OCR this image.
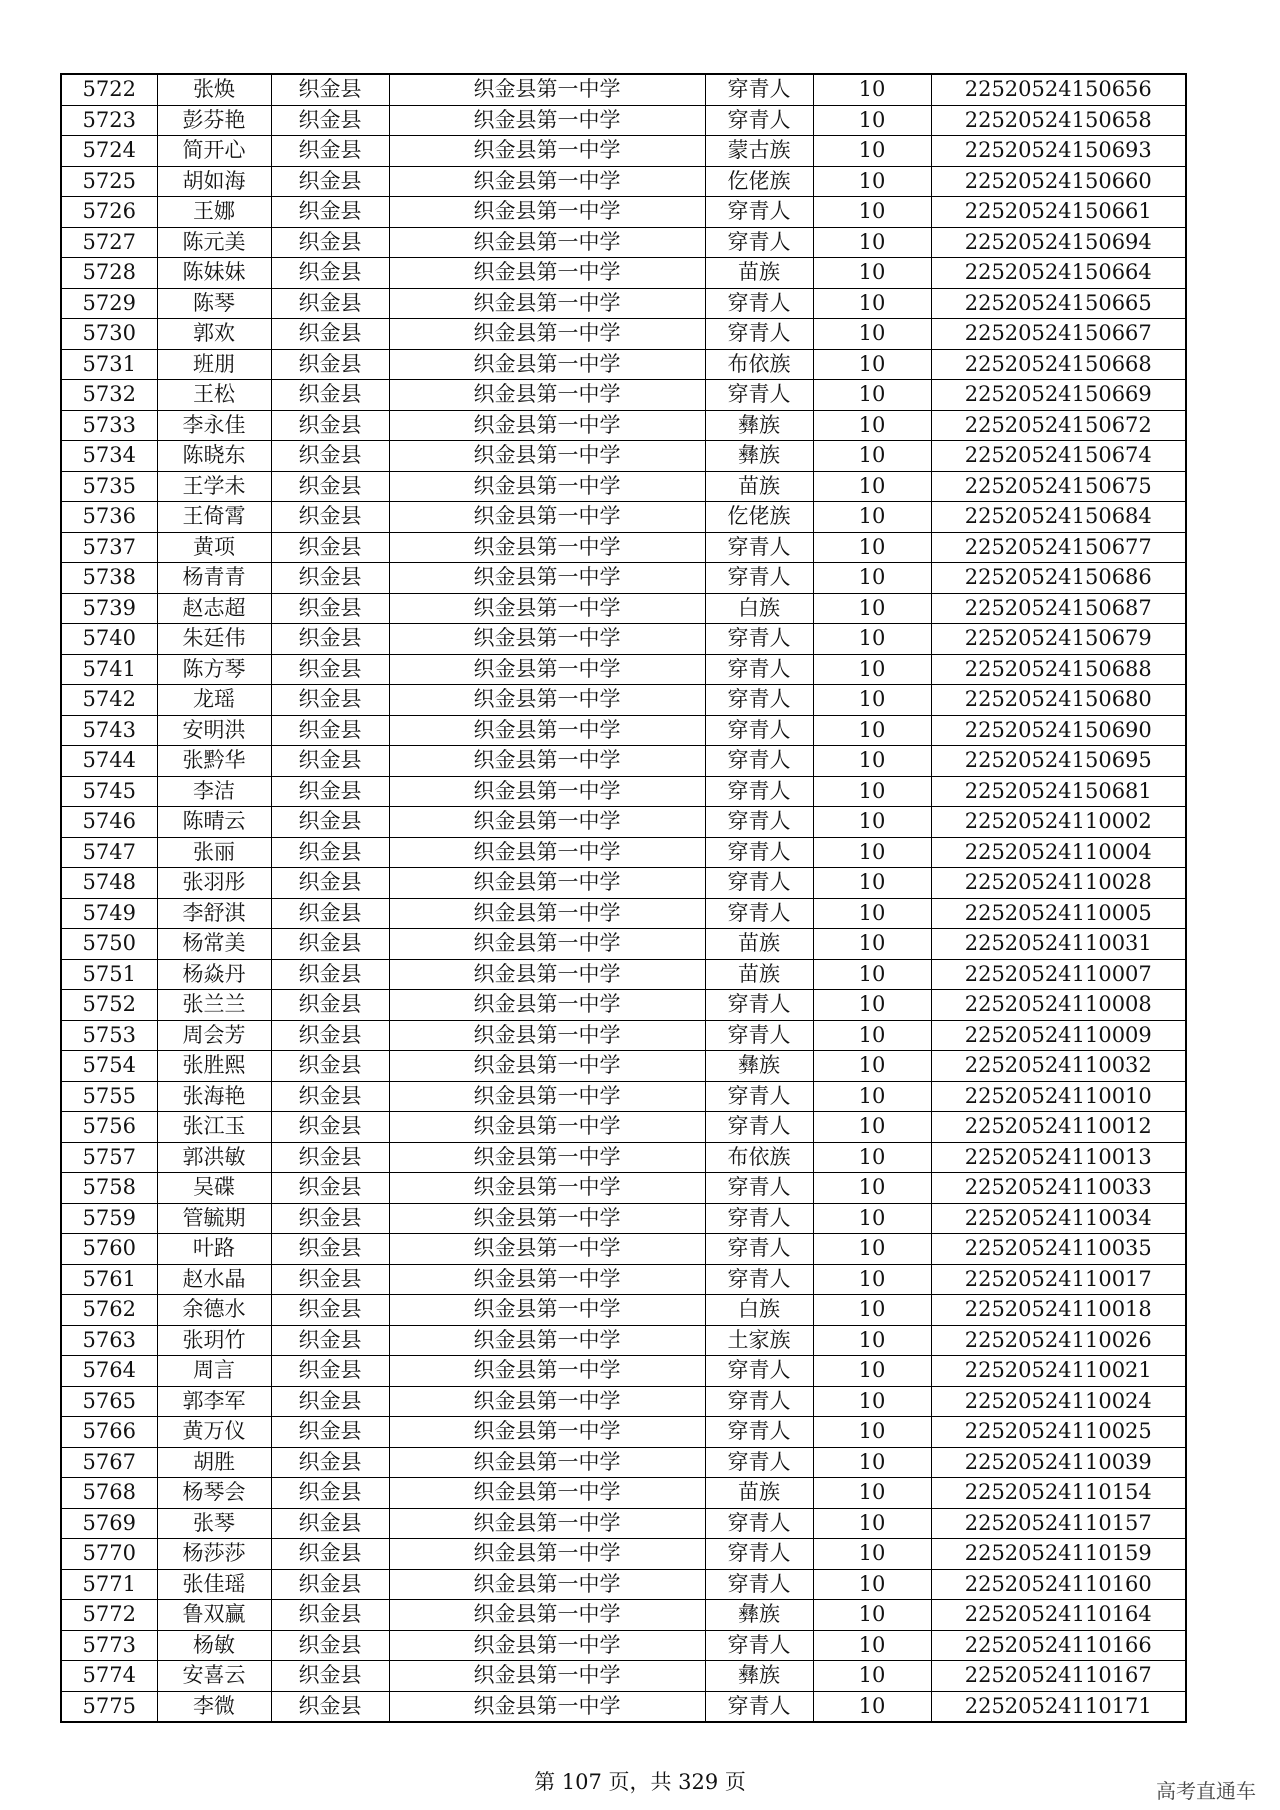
5722	张焕	织金县	织金县第一中学	穿青人	10	22520524150656
5723	彭芬艳	织金县	织金县第一中学	穿青人	10	22520524150658
5724	简开心	织金县	织金县第一中学	蒙古族	10	22520524150693
5725	胡如海	织金县	织金县第一中学	仡佬族	10	22520524150660
5726	王娜	织金县	织金县第一中学	穿青人	10	22520524150661
5727	陈元美	织金县	织金县第一中学	穿青人	10	22520524150694
5728	陈妹妹	织金县	织金县第一中学	苗族	10	22520524150664
5729	陈琴	织金县	织金县第一中学	穿青人	10	22520524150665
5730	郭欢	织金县	织金县第一中学	穿青人	10	22520524150667
5731	班朋	织金县	织金县第一中学	布依族	10	22520524150668
5732	王松	织金县	织金县第一中学	穿青人	10	22520524150669
5733	李永佳	织金县	织金县第一中学	彝族	10	22520524150672
5734	陈晓东	织金县	织金县第一中学	彝族	10	22520524150674
5735	王学未	织金县	织金县第一中学	苗族	10	22520524150675
5736	王倚霄	织金县	织金县第一中学	仡佬族	10	22520524150684
5737	黄项	织金县	织金县第一中学	穿青人	10	22520524150677
5738	杨青青	织金县	织金县第一中学	穿青人	10	22520524150686
5739	赵志超	织金县	织金县第一中学	白族	10	22520524150687
5740	朱廷伟	织金县	织金县第一中学	穿青人	10	22520524150679
5741	陈方琴	织金县	织金县第一中学	穿青人	10	22520524150688
5742	龙瑶	织金县	织金县第一中学	穿青人	10	22520524150680
5743	安明洪	织金县	织金县第一中学	穿青人	10	22520524150690
5744	张黔华	织金县	织金县第一中学	穿青人	10	22520524150695
5745	李洁	织金县	织金县第一中学	穿青人	10	22520524150681
5746	陈晴云	织金县	织金县第一中学	穿青人	10	22520524110002
5747	张丽	织金县	织金县第一中学	穿青人	10	22520524110004
5748	张羽彤	织金县	织金县第一中学	穿青人	10	22520524110028
5749	李舒淇	织金县	织金县第一中学	穿青人	10	22520524110005
5750	杨常美	织金县	织金县第一中学	苗族	10	22520524110031
5751	杨焱丹	织金县	织金县第一中学	苗族	10	22520524110007
5752	张兰兰	织金县	织金县第一中学	穿青人	10	22520524110008
5753	周会芳	织金县	织金县第一中学	穿青人	10	22520524110009
5754	张胜熙	织金县	织金县第一中学	彝族	10	22520524110032
5755	张海艳	织金县	织金县第一中学	穿青人	10	22520524110010
5756	张江玉	织金县	织金县第一中学	穿青人	10	22520524110012
5757	郭洪敏	织金县	织金县第一中学	布依族	10	22520524110013
5758	吴碟	织金县	织金县第一中学	穿青人	10	22520524110033
5759	管毓期	织金县	织金县第一中学	穿青人	10	22520524110034
5760	叶路	织金县	织金县第一中学	穿青人	10	22520524110035
5761	赵水晶	织金县	织金县第一中学	穿青人	10	22520524110017
5762	余德水	织金县	织金县第一中学	白族	10	22520524110018
5763	张玥竹	织金县	织金县第一中学	土家族	10	22520524110026
5764	周言	织金县	织金县第一中学	穿青人	10	22520524110021
5765	郭李军	织金县	织金县第一中学	穿青人	10	22520524110024
5766	黄万仪	织金县	织金县第一中学	穿青人	10	22520524110025
5767	胡胜	织金县	织金县第一中学	穿青人	10	22520524110039
5768	杨琴会	织金县	织金县第一中学	苗族	10	22520524110154
5769	张琴	织金县	织金县第一中学	穿青人	10	22520524110157
5770	杨莎莎	织金县	织金县第一中学	穿青人	10	22520524110159
5771	张佳瑶	织金县	织金县第一中学	穿青人	10	22520524110160
5772	鲁双赢	织金县	织金县第一中学	彝族	10	22520524110164
5773	杨敏	织金县	织金县第一中学	穿青人	10	22520524110166
5774	安喜云	织金县	织金县第一中学	彝族	10	22520524110167
5775	李微	织金县	织金县第一中学	穿青人	10	22520524110171
第 107 页，共 329 页	高考直通车
